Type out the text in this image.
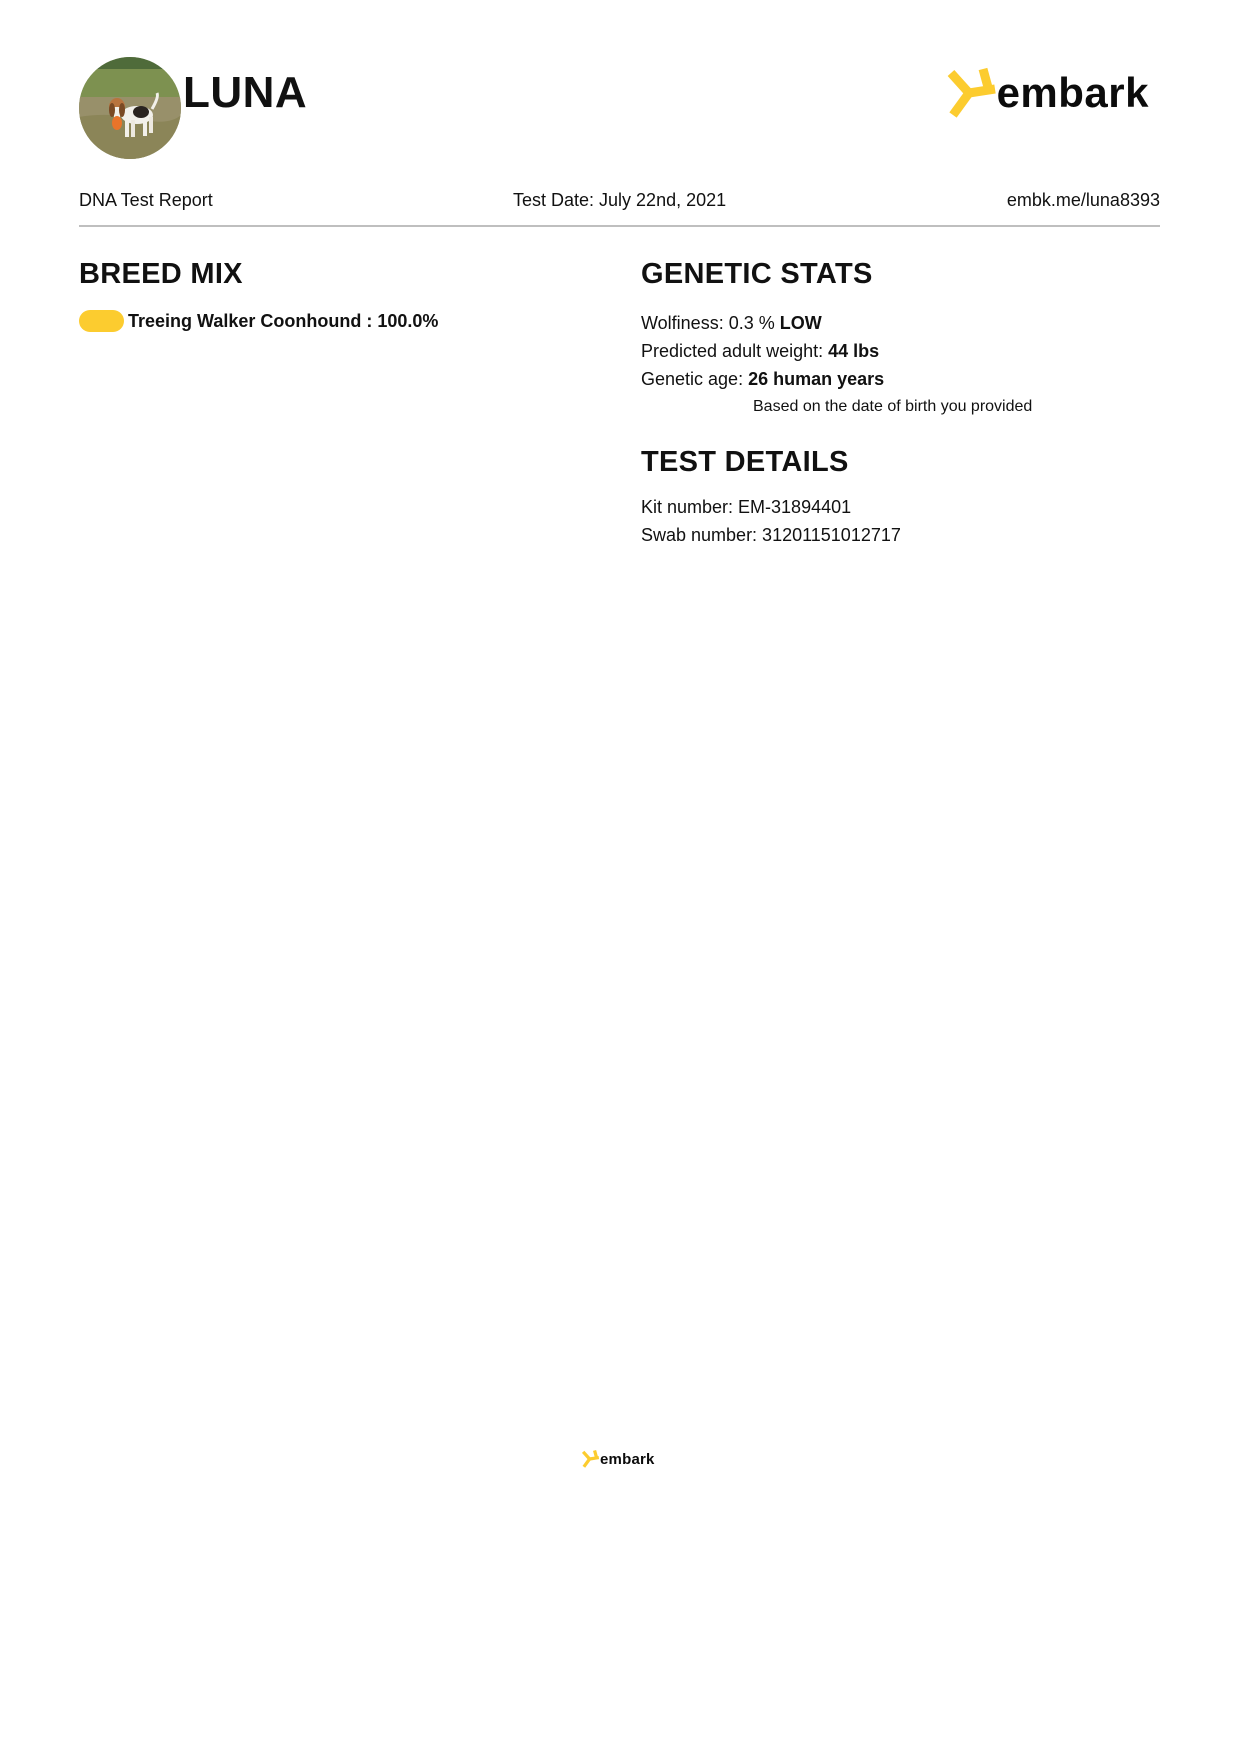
LUNA	embark
DNA Test Report	Test Date: July 22nd, 2021	embk.me/luna8393
BREED MIX
Treeing Walker Coonhound : 100.0%
GENETIC STATS
Wolfiness: 0.3 % LOW
Predicted adult weight: 44 lbs
Genetic age: 26 human years
Based on the date of birth you provided
TEST DETAILS
Kit number: EM-31894401
Swab number: 31201151012717
embark
